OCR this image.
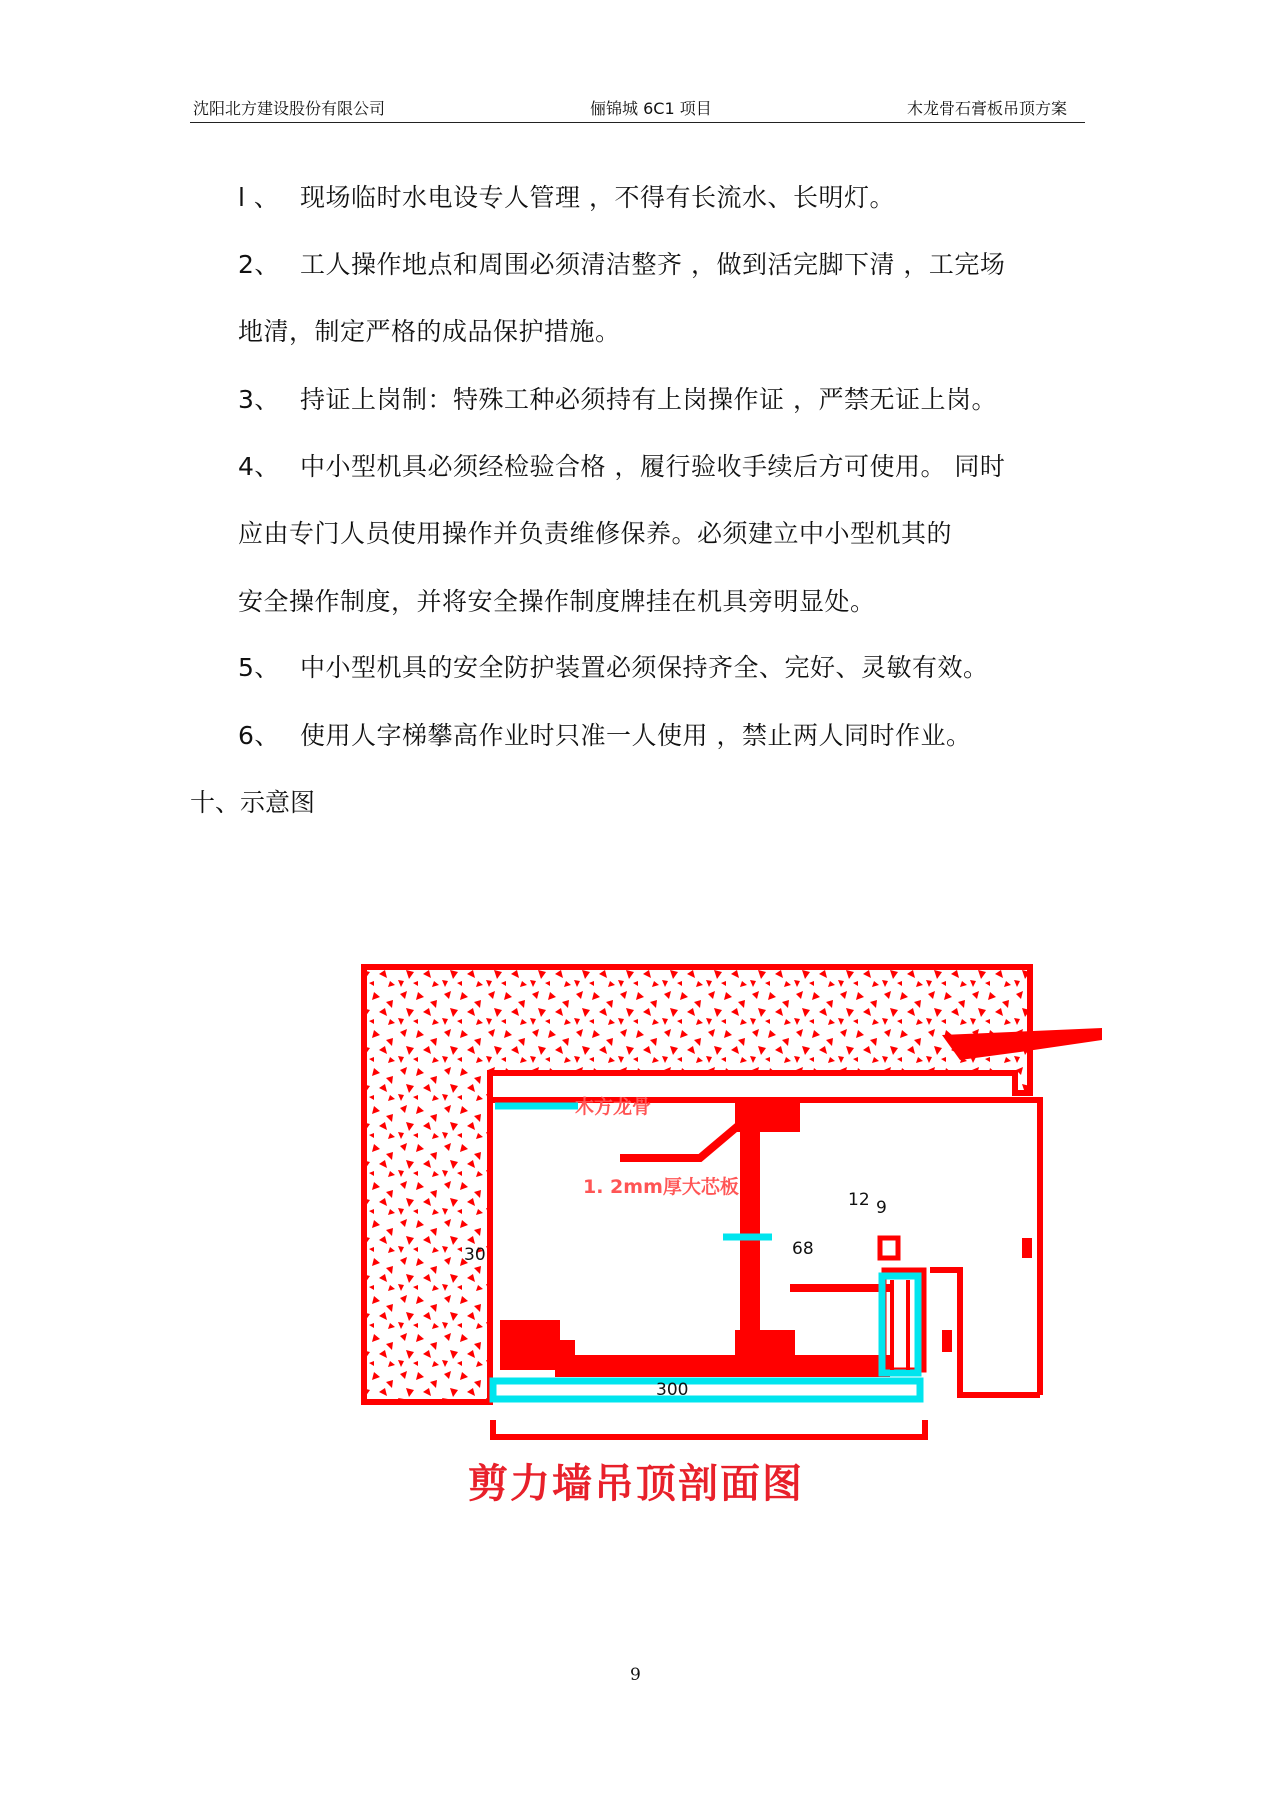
沈阳北方建设股份有限公司	俪锦城 6C1 项目	木龙骨石膏板吊顶方案
l 、 现场临时水电设专人管理 ，不得有长流水、长明灯。
2、 工人操作地点和周围必须清洁整齐 ，做到活完脚下清 ，工完场
地清，制定严格的成品保护措施。
3、 持证上岗制：特殊工种必须持有上岗操作证 ，严禁无证上岗。
4、 中小型机具必须经检验合格 ，履行验收手续后方可使用。 同时
应由专门人员使用操作并负责维修保养。必须建立中小型机其的
安全操作制度，并将安全操作制度牌挂在机具旁明显处。
5、 中小型机具的安全防护装置必须保持齐全、完好、灵敏有效。
6、 使用人字梯攀高作业时只准一人使用 ，禁止两人同时作业。
十、示意图
木方龙骨
1. 2mm厚大芯板
12 9
30	68
300
剪力墙吊顶剖面图
9
